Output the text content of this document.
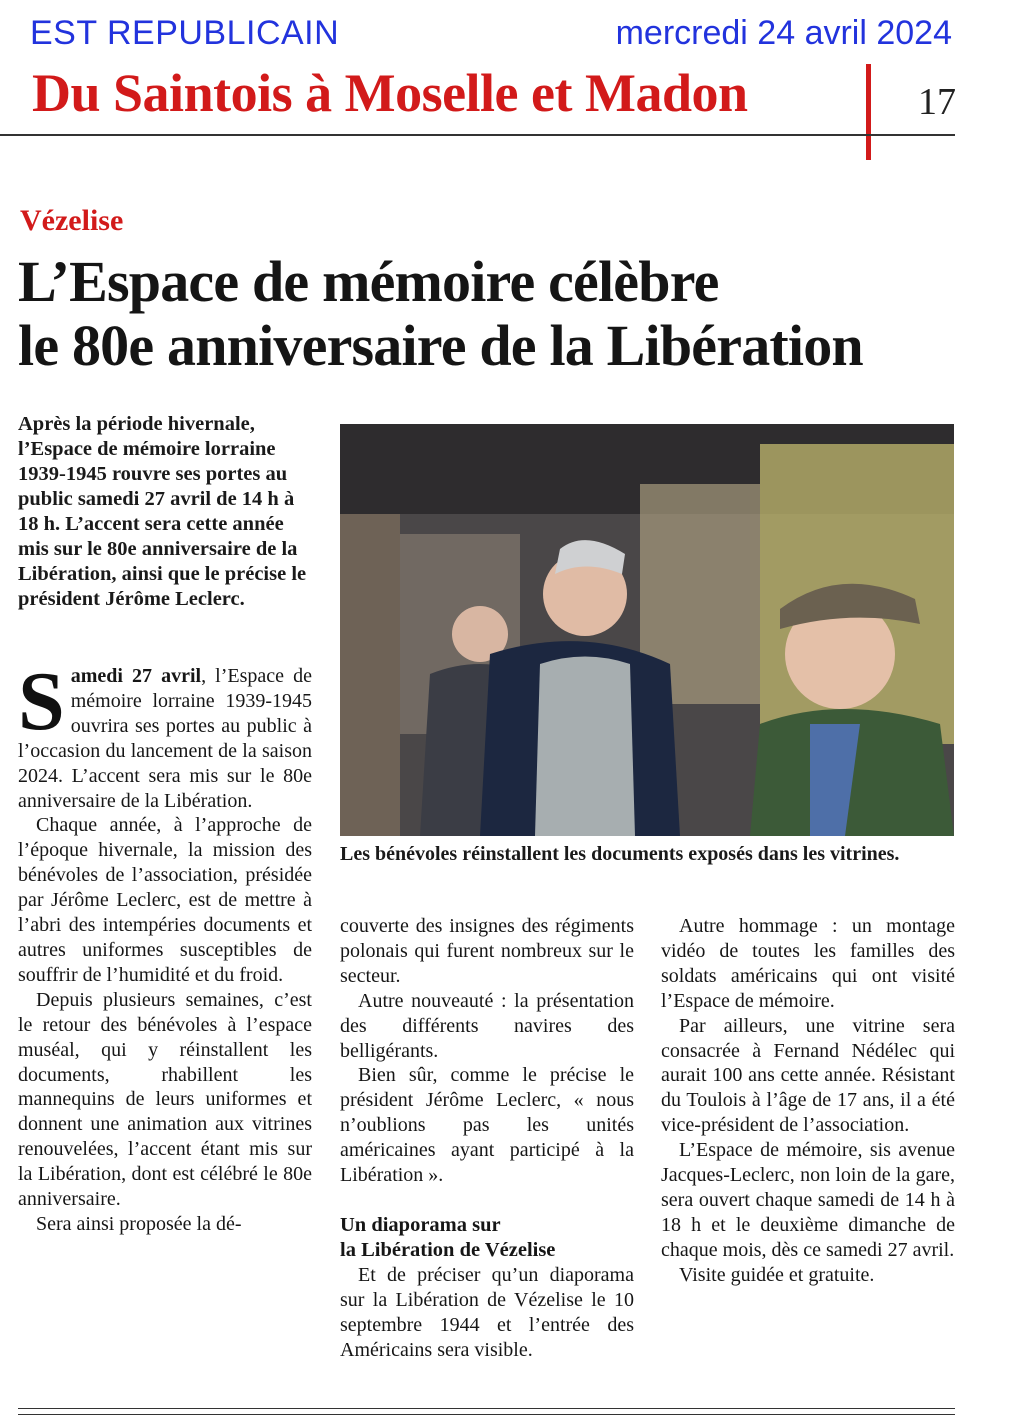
EST REPUBLICAIN	mercredi 24 avril 2024
Du Saintois à Moselle et Madon	17
Vézelise
L’Espace de mémoire célèbre
le 80e anniversaire de la Libération

Après la période hivernale, l’Espace de mémoire lorraine 1939-1945 rouvre ses portes au public samedi 27 avril de 14 h à 18 h. L’accent sera cette année mis sur le 80e anniversaire de la Libération, ainsi que le précise le président Jérôme Leclerc.

Les bénévoles réinstallent les documents exposés dans les vitrines.

Samedi 27 avril, l’Espace de mémoire lorraine 1939-1945 ouvrira ses portes au public à l’occasion du lancement de la saison 2024. L’accent sera mis sur le 80e anniversaire de la Libération.

Chaque année, à l’approche de l’époque hivernale, la mission des bénévoles de l’association, présidée par Jérôme Leclerc, est de mettre à l’abri des intempéries documents et autres uniformes susceptibles de souffrir de l’humidité et du froid.

Depuis plusieurs semaines, c’est le retour des bénévoles à l’espace muséal, qui y réinstallent les documents, rhabillent les mannequins de leurs uniformes et donnent une animation aux vitrines renouvelées, l’accent étant mis sur la Libération, dont est célébré le 80e anniversaire.

Sera ainsi proposée la dé-

couverte des insignes des régiments polonais qui furent nombreux sur le secteur.

Autre nouveauté : la présentation des différents navires des belligérants.

Bien sûr, comme le précise le président Jérôme Leclerc, « nous n’oublions pas les unités américaines ayant participé à la Libération ».

Un diaporama sur
la Libération de Vézelise

Et de préciser qu’un diaporama sur la Libération de Vézelise le 10 septembre 1944 et l’entrée des Américains sera visible.

Autre hommage : un montage vidéo de toutes les familles des soldats américains qui ont visité l’Espace de mémoire.

Par ailleurs, une vitrine sera consacrée à Fernand Nédélec qui aurait 100 ans cette année. Résistant du Toulois à l’âge de 17 ans, il a été vice-président de l’association.

L’Espace de mémoire, sis avenue Jacques-Leclerc, non loin de la gare, sera ouvert chaque samedi de 14 h à 18 h et le deuxième dimanche de chaque mois, dès ce samedi 27 avril.

Visite guidée et gratuite.
